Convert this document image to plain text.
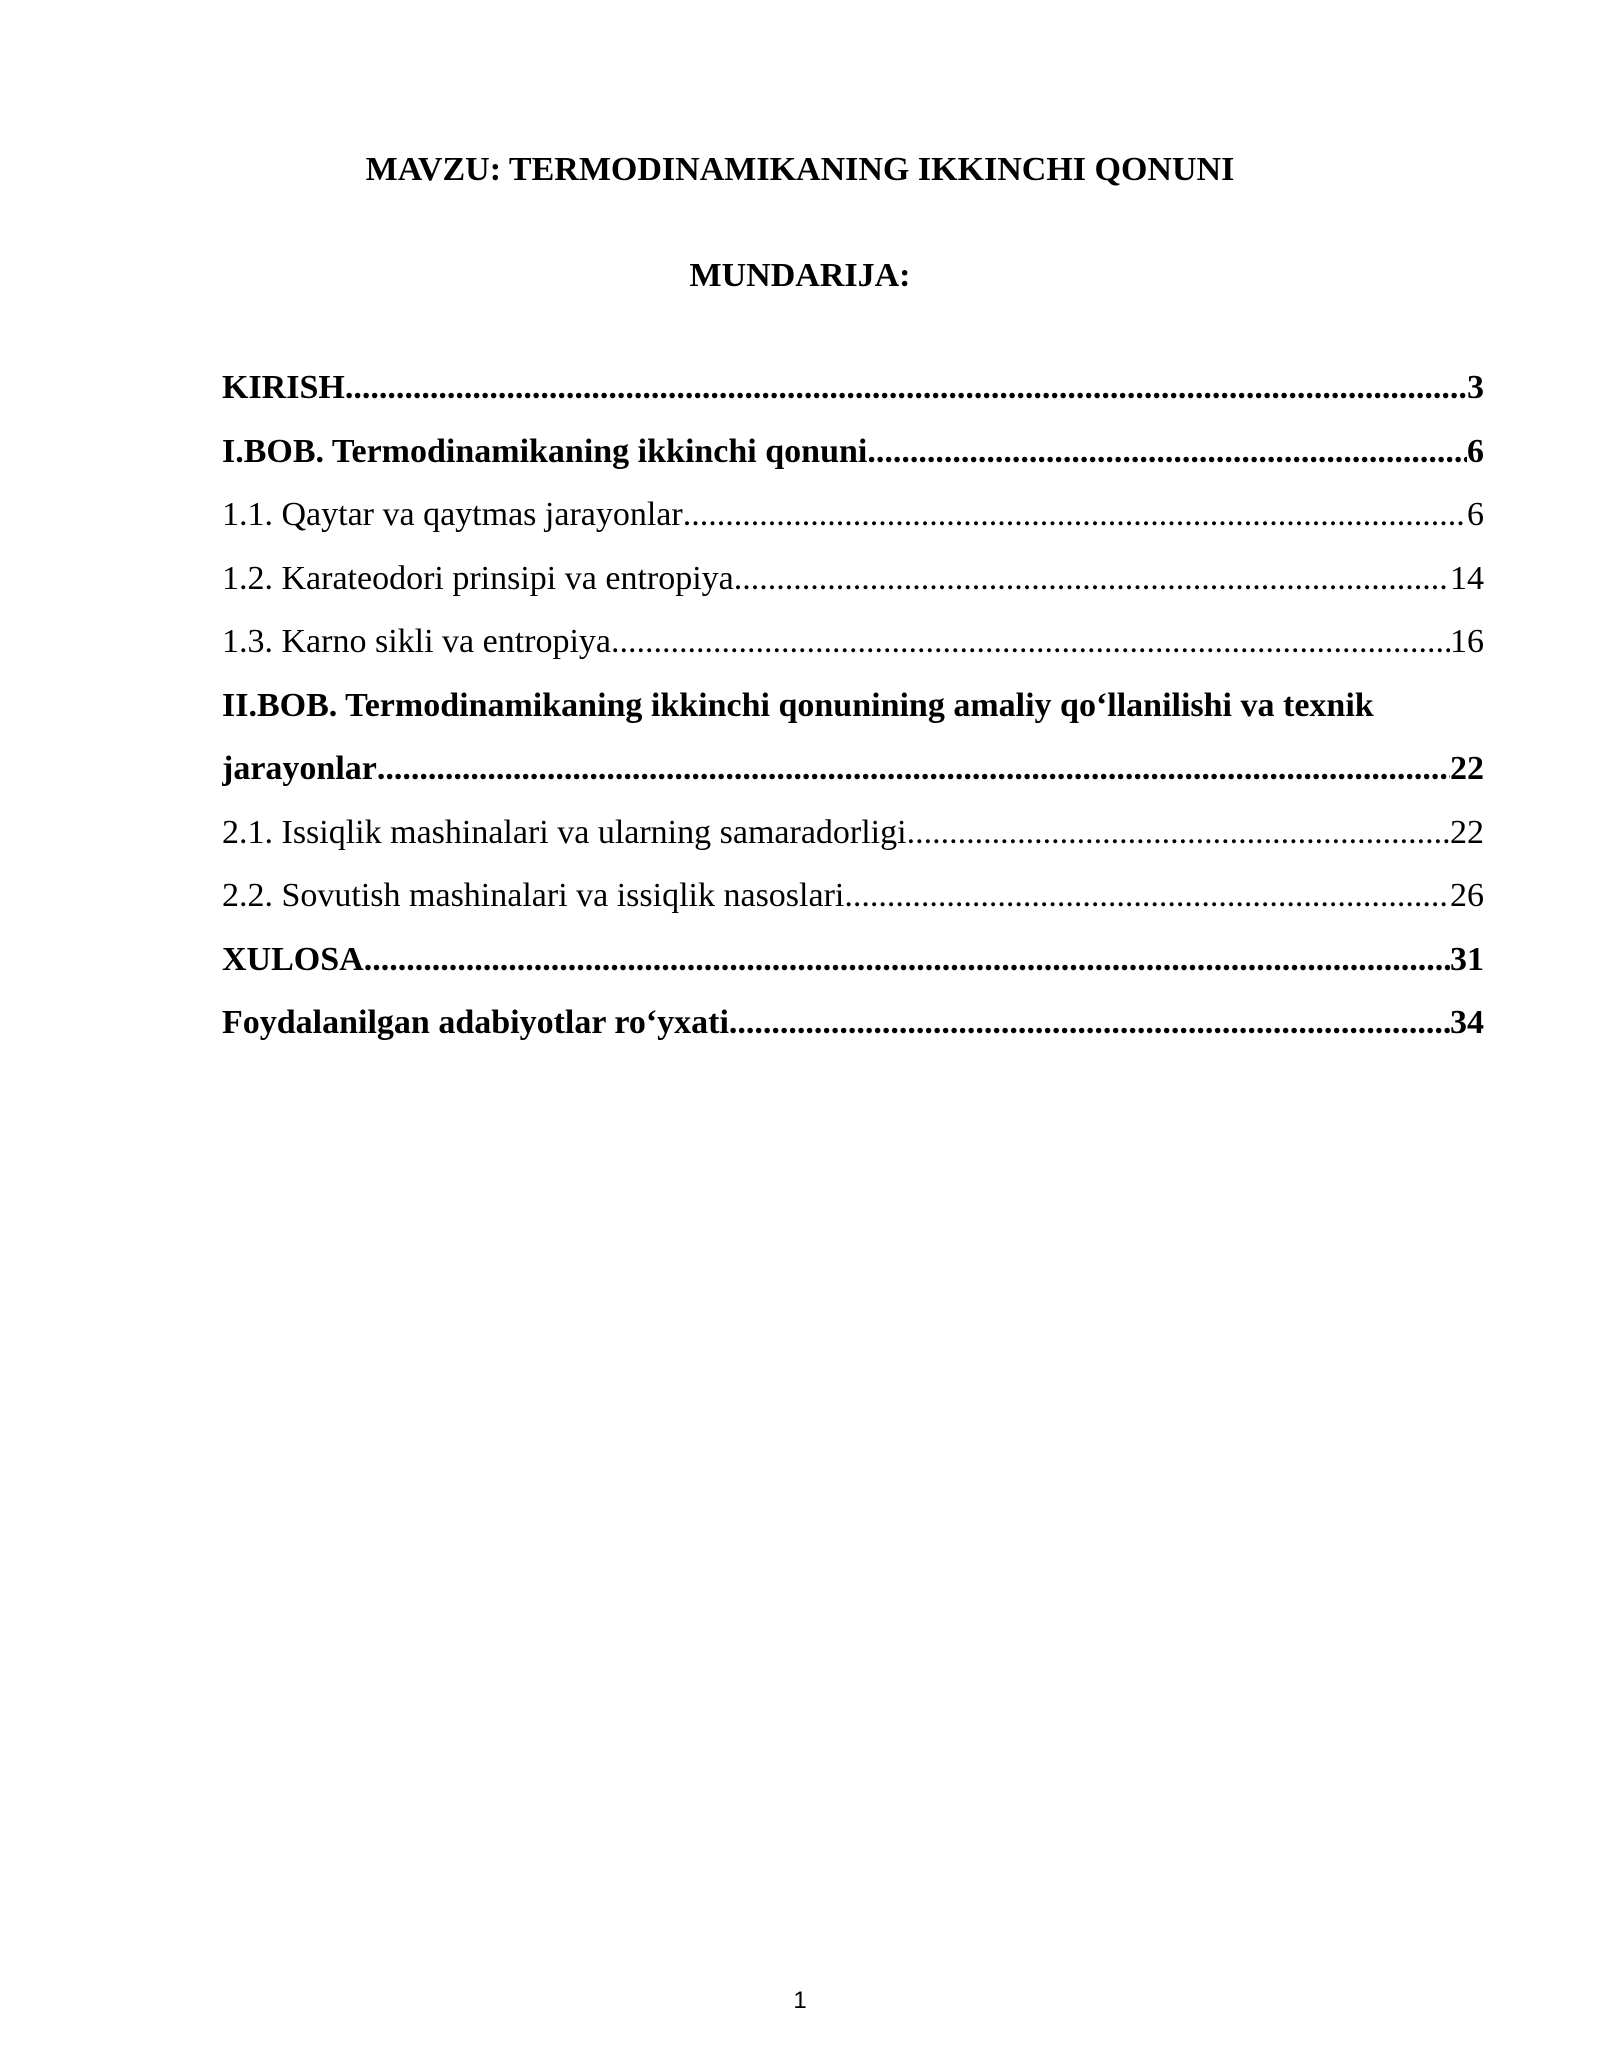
MAVZU: TERMODINAMIKANING IKKINCHI QONUNI
MUNDARIJA:
KIRISH .....	3
I.BOB. Termodinamikaning ikkinchi qonuni .....	6
1.1. Qaytar va qaytmas jarayonlar .....	6
1.2. Karateodori prinsipi va entropiya .....	14
1.3. Karno sikli va entropiya .....	16
II.BOB. Termodinamikaning ikkinchi qonunining amaliy qo‘llanilishi va texnik
jarayonlar .....	22
2.1. Issiqlik mashinalari va ularning samaradorligi .....	22
2.2. Sovutish mashinalari va issiqlik nasoslari .....	26
XULOSA .....	31
Foydalanilgan adabiyotlar ro‘yxati .....	34
1
